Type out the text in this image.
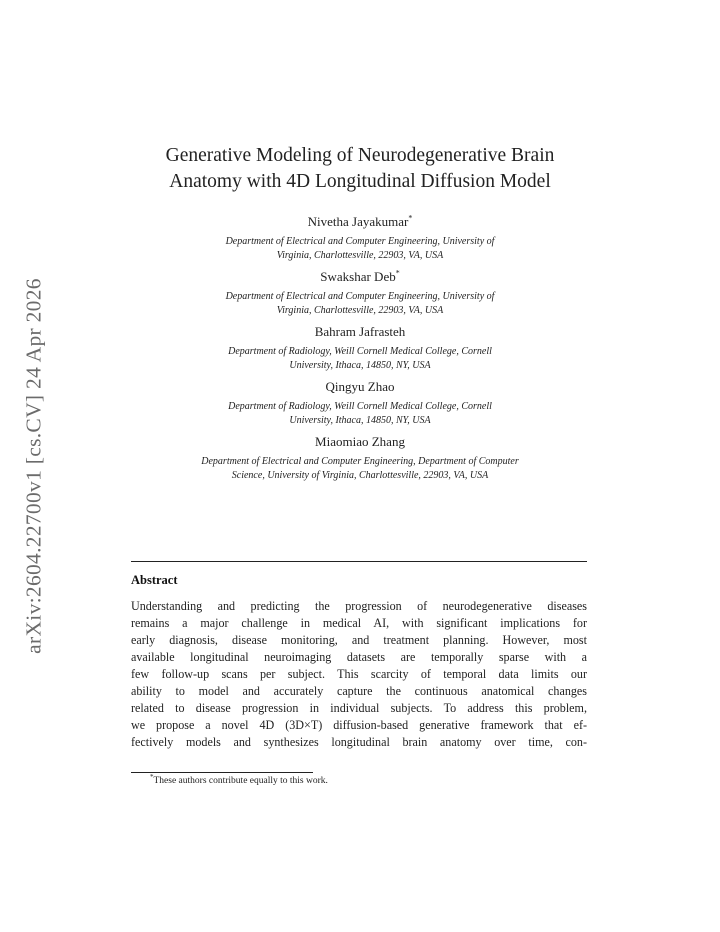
arXiv:2604.22700v1 [cs.CV] 24 Apr 2026
Generative Modeling of Neurodegenerative Brain
Anatomy with 4D Longitudinal Diffusion Model
Nivetha Jayakumar*
Department of Electrical and Computer Engineering, University of
Virginia, Charlottesville, 22903, VA, USA
Swakshar Deb*
Department of Electrical and Computer Engineering, University of
Virginia, Charlottesville, 22903, VA, USA
Bahram Jafrasteh
Department of Radiology, Weill Cornell Medical College, Cornell
University, Ithaca, 14850, NY, USA
Qingyu Zhao
Department of Radiology, Weill Cornell Medical College, Cornell
University, Ithaca, 14850, NY, USA
Miaomiao Zhang
Department of Electrical and Computer Engineering, Department of Computer
Science, University of Virginia, Charlottesville, 22903, VA, USA
Abstract
Understanding and predicting the progression of neurodegenerative diseases
remains a major challenge in medical AI, with significant implications for
early diagnosis, disease monitoring, and treatment planning. However, most
available longitudinal neuroimaging datasets are temporally sparse with a
few follow-up scans per subject. This scarcity of temporal data limits our
ability to model and accurately capture the continuous anatomical changes
related to disease progression in individual subjects. To address this problem,
we propose a novel 4D (3D×T) diffusion-based generative framework that ef-
fectively models and synthesizes longitudinal brain anatomy over time, con-
*These authors contribute equally to this work.
